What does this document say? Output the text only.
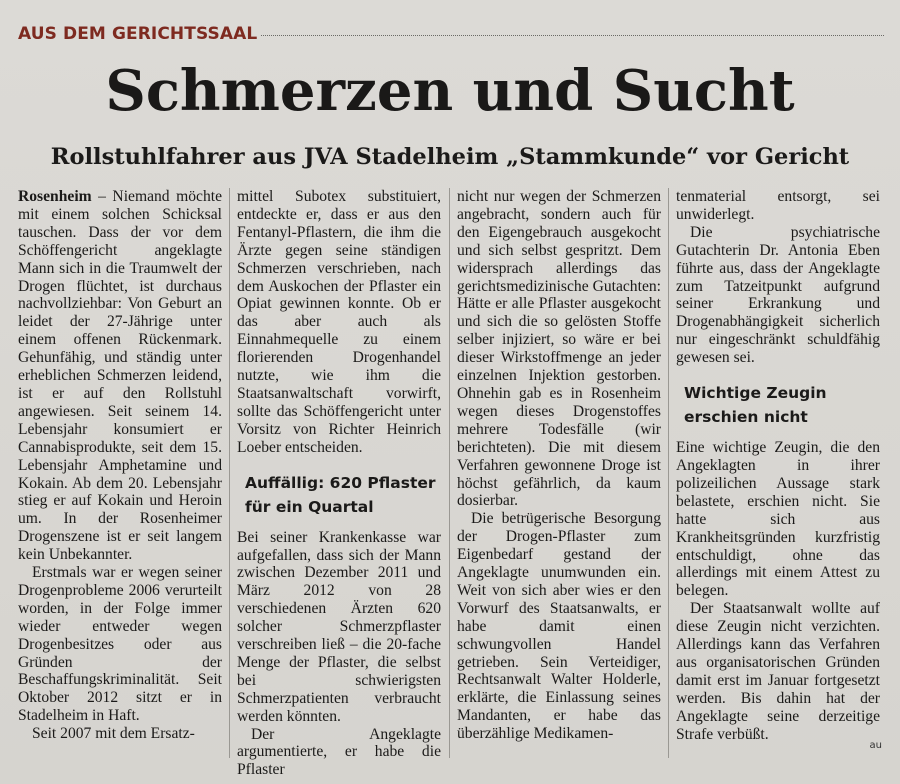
AUS DEM GERICHTSSAAL
Schmerzen und Sucht
Rollstuhlfahrer aus JVA Stadelheim „Stammkunde“ vor Gericht

Rosenheim – Niemand möchte mit einem solchen Schicksal tauschen. Dass der vor dem Schöffengericht angeklagte Mann sich in die Traumwelt der Drogen flüchtet, ist durchaus nachvollziehbar: Von Geburt an leidet der 27-Jährige unter einem offenen Rückenmark. Gehunfähig, und ständig unter erheblichen Schmerzen leidend, ist er auf den Rollstuhl angewiesen. Seit seinem 14. Lebensjahr konsumiert er Cannabisprodukte, seit dem 15. Lebensjahr Amphetamine und Kokain. Ab dem 20. Lebensjahr stieg er auf Kokain und Heroin um. In der Rosenheimer Drogenszene ist er seit langem kein Unbekannter.

Erstmals war er wegen seiner Drogenprobleme 2006 verurteilt worden, in der Folge immer wieder entweder wegen Drogenbesitzes oder aus Gründen der Beschaffungskriminalität. Seit Oktober 2012 sitzt er in Stadelheim in Haft.

Seit 2007 mit dem Ersatz-

mittel Subotex substituiert, entdeckte er, dass er aus den Fentanyl-Pflastern, die ihm die Ärzte gegen seine ständigen Schmerzen verschrieben, nach dem Auskochen der Pflaster ein Opiat gewinnen konnte. Ob er das aber auch als Einnahmequelle zu einem florierenden Drogenhandel nutzte, wie ihm die Staatsanwaltschaft vorwirft, sollte das Schöffengericht unter Vorsitz von Richter Heinrich Loeber entscheiden.

Auffällig: 620 Pflaster für ein Quartal

Bei seiner Krankenkasse war aufgefallen, dass sich der Mann zwischen Dezember 2011 und März 2012 von 28 verschiedenen Ärzten 620 solcher Schmerzpflaster verschreiben ließ – die 20-fache Menge der Pflaster, die selbst bei schwierigsten Schmerzpatienten verbraucht werden könnten.

Der Angeklagte argumentierte, er habe die Pflaster

nicht nur wegen der Schmerzen angebracht, sondern auch für den Eigengebrauch ausgekocht und sich selbst gespritzt. Dem widersprach allerdings das gerichtsmedizinische Gutachten: Hätte er alle Pflaster ausgekocht und sich die so gelösten Stoffe selber injiziert, so wäre er bei dieser Wirkstoffmenge an jeder einzelnen Injektion gestorben. Ohnehin gab es in Rosenheim wegen dieses Drogenstoffes mehrere Todesfälle (wir berichteten). Die mit diesem Verfahren gewonnene Droge ist höchst gefährlich, da kaum dosierbar.

Die betrügerische Besorgung der Drogen-Pflaster zum Eigenbedarf gestand der Angeklagte unumwunden ein. Weit von sich aber wies er den Vorwurf des Staatsanwalts, er habe damit einen schwungvollen Handel getrieben. Sein Verteidiger, Rechtsanwalt Walter Holderle, erklärte, die Einlassung seines Mandanten, er habe das überzählige Medikamen-

tenmaterial entsorgt, sei unwiderlegt.

Die psychiatrische Gutachterin Dr. Antonia Eben führte aus, dass der Angeklagte zum Tatzeitpunkt aufgrund seiner Erkrankung und Drogenabhängigkeit sicherlich nur eingeschränkt schuldfähig gewesen sei.

Wichtige Zeugin erschien nicht

Eine wichtige Zeugin, die den Angeklagten in ihrer polizeilichen Aussage stark belastete, erschien nicht. Sie hatte sich aus Krankheitsgründen kurzfristig entschuldigt, ohne das allerdings mit einem Attest zu belegen.

Der Staatsanwalt wollte auf diese Zeugin nicht verzichten. Allerdings kann das Verfahren aus organisatorischen Gründen damit erst im Januar fortgesetzt werden. Bis dahin hat der Angeklagte seine derzeitige Strafe verbüßt.

au
